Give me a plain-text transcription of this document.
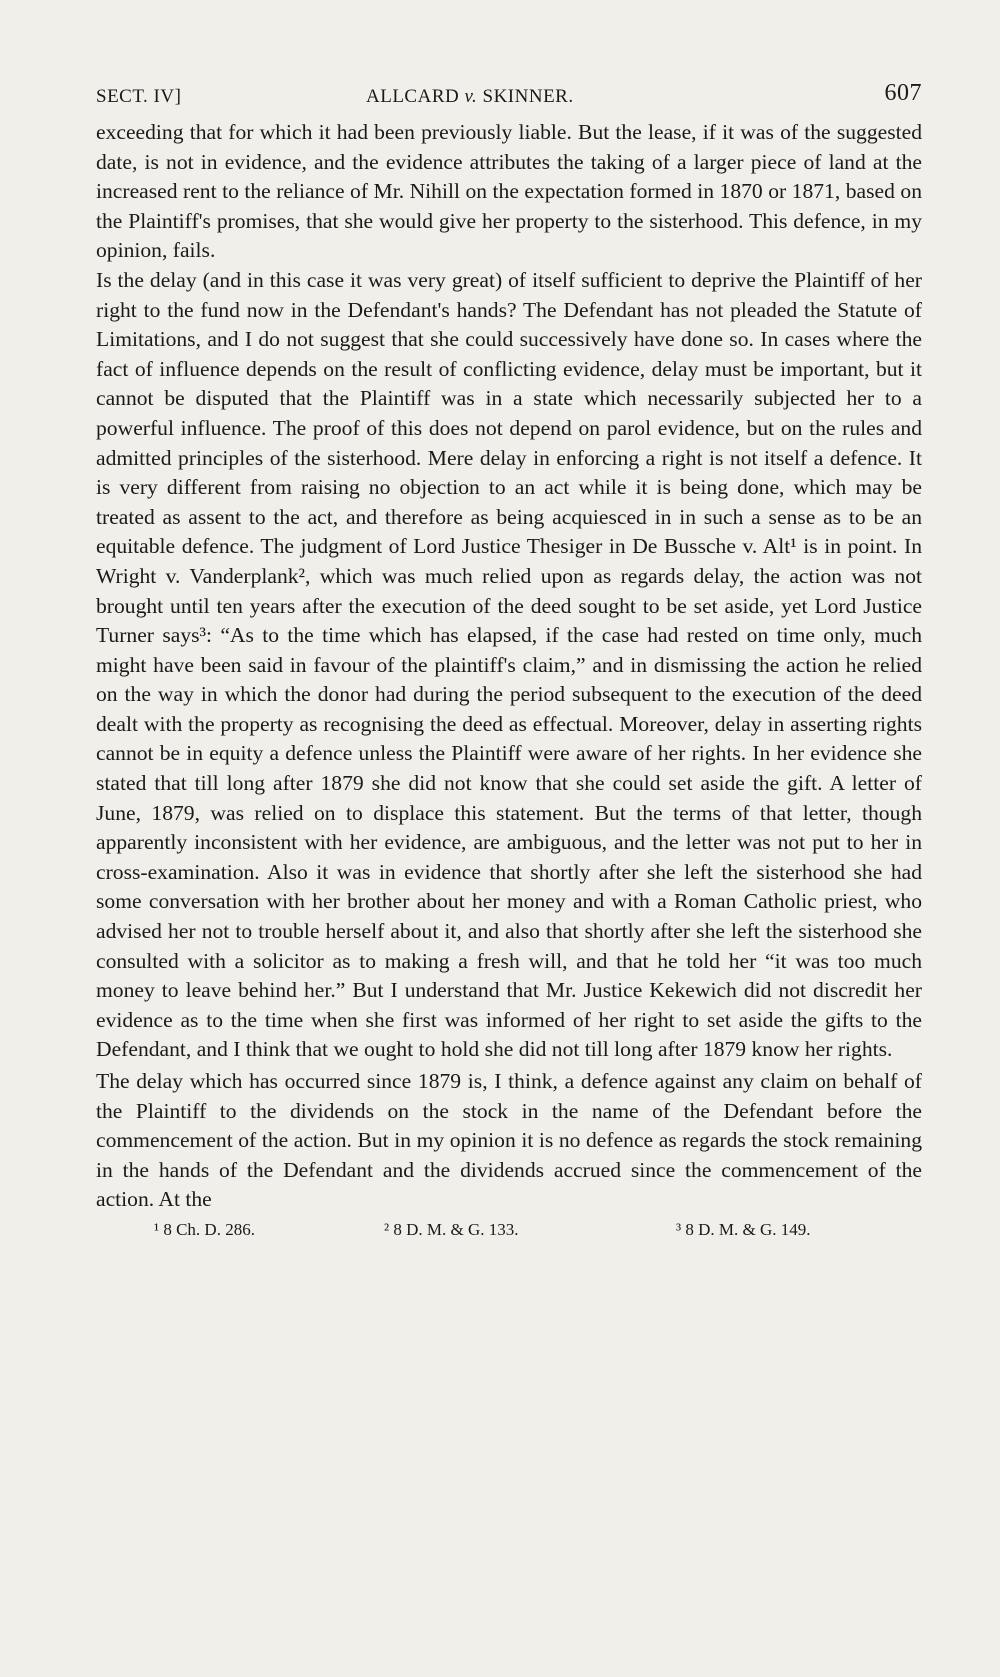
SECT. IV]	ALLCARD v. SKINNER.	607

exceeding that for which it had been previously liable. But the lease, if it was of the suggested date, is not in evidence, and the evidence attributes the taking of a larger piece of land at the increased rent to the reliance of Mr. Nihill on the expectation formed in 1870 or 1871, based on the Plaintiff's promises, that she would give her property to the sisterhood. This defence, in my opinion, fails.

Is the delay (and in this case it was very great) of itself sufficient to deprive the Plaintiff of her right to the fund now in the Defendant's hands? The Defendant has not pleaded the Statute of Limitations, and I do not suggest that she could successively have done so. In cases where the fact of influence depends on the result of conflicting evidence, delay must be important, but it cannot be disputed that the Plaintiff was in a state which necessarily subjected her to a powerful influence. The proof of this does not depend on parol evidence, but on the rules and admitted principles of the sisterhood. Mere delay in enforcing a right is not itself a defence. It is very different from raising no objection to an act while it is being done, which may be treated as assent to the act, and therefore as being acquiesced in in such a sense as to be an equitable defence. The judgment of Lord Justice Thesiger in De Bussche v. Alt¹ is in point. In Wright v. Vanderplank², which was much relied upon as regards delay, the action was not brought until ten years after the execution of the deed sought to be set aside, yet Lord Justice Turner says³: “As to the time which has elapsed, if the case had rested on time only, much might have been said in favour of the plaintiff's claim,” and in dismissing the action he relied on the way in which the donor had during the period subsequent to the execution of the deed dealt with the property as recognising the deed as effectual. Moreover, delay in asserting rights cannot be in equity a defence unless the Plaintiff were aware of her rights. In her evidence she stated that till long after 1879 she did not know that she could set aside the gift. A letter of June, 1879, was relied on to displace this statement. But the terms of that letter, though apparently inconsistent with her evidence, are ambiguous, and the letter was not put to her in cross-examination. Also it was in evidence that shortly after she left the sisterhood she had some conversation with her brother about her money and with a Roman Catholic priest, who advised her not to trouble herself about it, and also that shortly after she left the sisterhood she consulted with a solicitor as to making a fresh will, and that he told her “it was too much money to leave behind her.” But I understand that Mr. Justice Kekewich did not discredit her evidence as to the time when she first was informed of her right to set aside the gifts to the Defendant, and I think that we ought to hold she did not till long after 1879 know her rights.

The delay which has occurred since 1879 is, I think, a defence against any claim on behalf of the Plaintiff to the dividends on the stock in the name of the Defendant before the commencement of the action. But in my opinion it is no defence as regards the stock remaining in the hands of the Defendant and the dividends accrued since the commencement of the action. At the

¹ 8 Ch. D. 286.	² 8 D. M. & G. 133.	³ 8 D. M. & G. 149.
